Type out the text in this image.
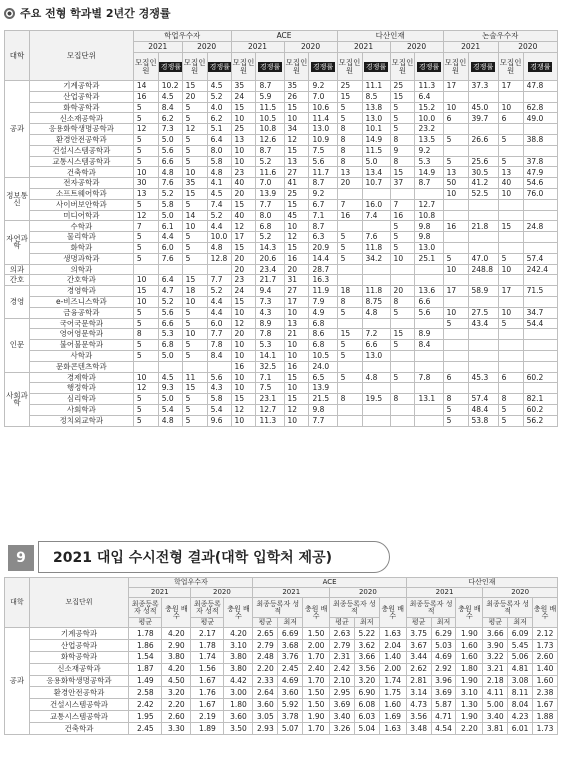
주요 전형 학과별 2년간 경쟁률
대학	모집단위	학업우수자				ACE				다산인재				논술우수자			
		2021		2020		2021		2020		2021		2020		2021		2020	
		모집인원	경쟁률	모집인원	경쟁률	모집인원	경쟁률	모집인원	경쟁률	모집인원	경쟁률	모집인원	경쟁률	모집인원	경쟁률	모집인원	경쟁률
공과	기계공학과	14	10.2	15	4.5	35	8.7	35	9.2	25	11.1	25	11.3	17	37.3	17	47.8
	산업공학과	16	4.5	20	5.2	24	5.9	26	7.0	15	8.5	15	6.4				
	화학공학과	5	8.4	5	4.0	15	11.5	15	10.6	5	13.8	5	15.2	10	45.0	10	62.8
	신소재공학과	5	6.2	5	6.2	10	10.5	10	11.4	5	13.0	5	10.0	6	39.7	6	49.0
	응용화학생명공학과	12	7.3	12	5.1	25	10.8	34	13.0	8	10.1	5	23.2				
	환경안전공학과	5	5.0	5	6.4	13	12.6	12	10.9	8	14.9	8	13.5	5	26.6	5	38.8
	건설시스템공학과	5	5.6	5	8.0	10	8.7	15	7.5	8	11.5	9	9.2				
	교통시스템공학과	5	6.6	5	5.8	10	5.2	13	5.6	8	5.0	8	5.3	5	25.6	5	37.8
	건축학과	10	4.8	10	4.8	23	11.6	27	11.7	13	13.4	15	14.9	13	30.5	13	47.9
정보통신	전자공학과	30	7.6	35	4.1	40	7.0	41	8.7	20	10.7	37	8.7	50	41.2	40	54.6
	소프트웨어학과	13	5.2	15	4.5	20	13.9	25	9.2					10	52.5	10	76.0
	사이버보안학과	5	5.8	5	7.4	15	7.7	15	6.7	7	16.0	7	12.7				
	미디어학과	12	5.0	14	5.2	40	8.0	45	7.1	16	7.4	16	10.8				
자연과학	수학과	7	6.1	10	4.4	12	6.8	10	8.7			5	9.8	16	21.8	15	24.8
	물리학과	5	4.4	5	10.0	17	5.2	12	6.3	5	7.6	5	9.8				
	화학과	5	6.0	5	4.8	15	14.3	15	20.9	5	11.8	5	13.0				
	생명과학과	5	7.6	5	12.8	20	20.6	16	14.4	5	34.2	10	25.1	5	47.0	5	57.4
의과	의학과					20	23.4	20	28.7					10	248.8	10	242.4
간호	간호학과	10	6.4	15	7.7	23	21.7	31	16.3								
경영	경영학과	15	4.7	18	5.2	24	9.4	27	11.9	18	11.8	20	13.6	17	58.9	17	71.5
	e-비즈니스학과	10	5.2	10	4.4	15	7.3	17	7.9	8	8.75	8	6.6				
	금융공학과	5	5.6	5	4.4	10	4.3	10	4.9	5	4.8	5	5.6	10	27.5	10	34.7
인문	국어국문학과	5	6.6	5	6.0	12	8.9	13	6.8					5	43.4	5	54.4
	영어영문학과	8	5.3	10	7.7	20	7.8	21	8.6	15	7.2	15	8.9				
	불어불문학과	5	6.8	5	7.8	10	5.3	10	6.8	5	6.6	5	8.4				
	사학과	5	5.0	5	8.4	10	14.1	10	10.5	5	13.0						
	문화콘텐츠학과					16	32.5	16	24.0								
사회과학	경제학과	10	4.5	11	5.6	10	7.1	15	6.5	5	4.8	5	7.8	6	45.3	6	60.2
	행정학과	12	9.3	15	4.3	10	7.5	10	13.9								
	심리학과	5	5.0	5	5.8	15	23.1	15	21.5	8	19.5	8	13.1	8	57.4	8	82.1
	사회학과	5	5.4	5	5.4	12	12.7	12	9.8					5	48.4	5	60.2
	정치외교학과	5	4.8	5	9.6	10	11.3	10	7.7					5	53.8	5	56.2
9	2021 대입 수시전형 결과(대학 입학처 제공)
대학	모집단위	학업우수자				ACE						다산인재					
		2021		2020		2021			2020			2021			2020		
		최종등록자 성적	충원 배수	최종등록자 성적	충원 배수	최종등록자 성적		충원 배수	최종등록자 성적		충원 배수	최종등록자 성적		충원 배수	최종등록자 성적		충원 배수
		평균		평균		평균	최저		평균	최저		평균	최저		평균	최저	
공과	기계공학과	1.78	4.20	2.17	4.20	2.65	6.69	1.50	2.63	5.22	1.63	3.75	6.29	1.90	3.66	6.09	2.12
	산업공학과	1.86	2.90	1.78	3.10	2.79	3.68	2.00	2.79	3.62	2.04	3.67	5.03	1.60	3.90	5.45	1.73
	화학공학과	1.54	3.80	1.74	3.80	2.48	3.76	1.70	2.31	3.66	1.40	3.44	4.69	1.60	3.22	5.06	2.60
	신소재공학과	1.87	4.20	1.56	3.80	2.20	2.45	2.40	2.42	3.56	2.00	2.62	2.92	1.80	3.21	4.81	1.40
	응용화학생명공학과	1.49	4.50	1.67	4.42	2.33	4.69	1.70	2.10	3.20	1.74	2.81	3.96	1.90	2.18	3.08	1.60
	환경안전공학과	2.58	3.20	1.76	3.00	2.64	3.60	1.50	2.95	6.90	1.75	3.14	3.69	3.10	4.11	8.11	2.38
	건설시스템공학과	2.42	2.20	1.67	1.80	3.60	5.92	1.50	3.69	6.08	1.60	4.73	5.87	1.30	5.00	8.04	1.67
	교통시스템공학과	1.95	2.60	2.19	3.60	3.05	3.78	1.90	3.40	6.03	1.69	3.56	4.71	1.90	3.40	4.23	1.88
	건축학과	2.45	3.30	1.89	3.50	2.93	5.07	1.70	3.26	5.04	1.63	3.48	4.54	2.20	3.81	6.01	1.73
